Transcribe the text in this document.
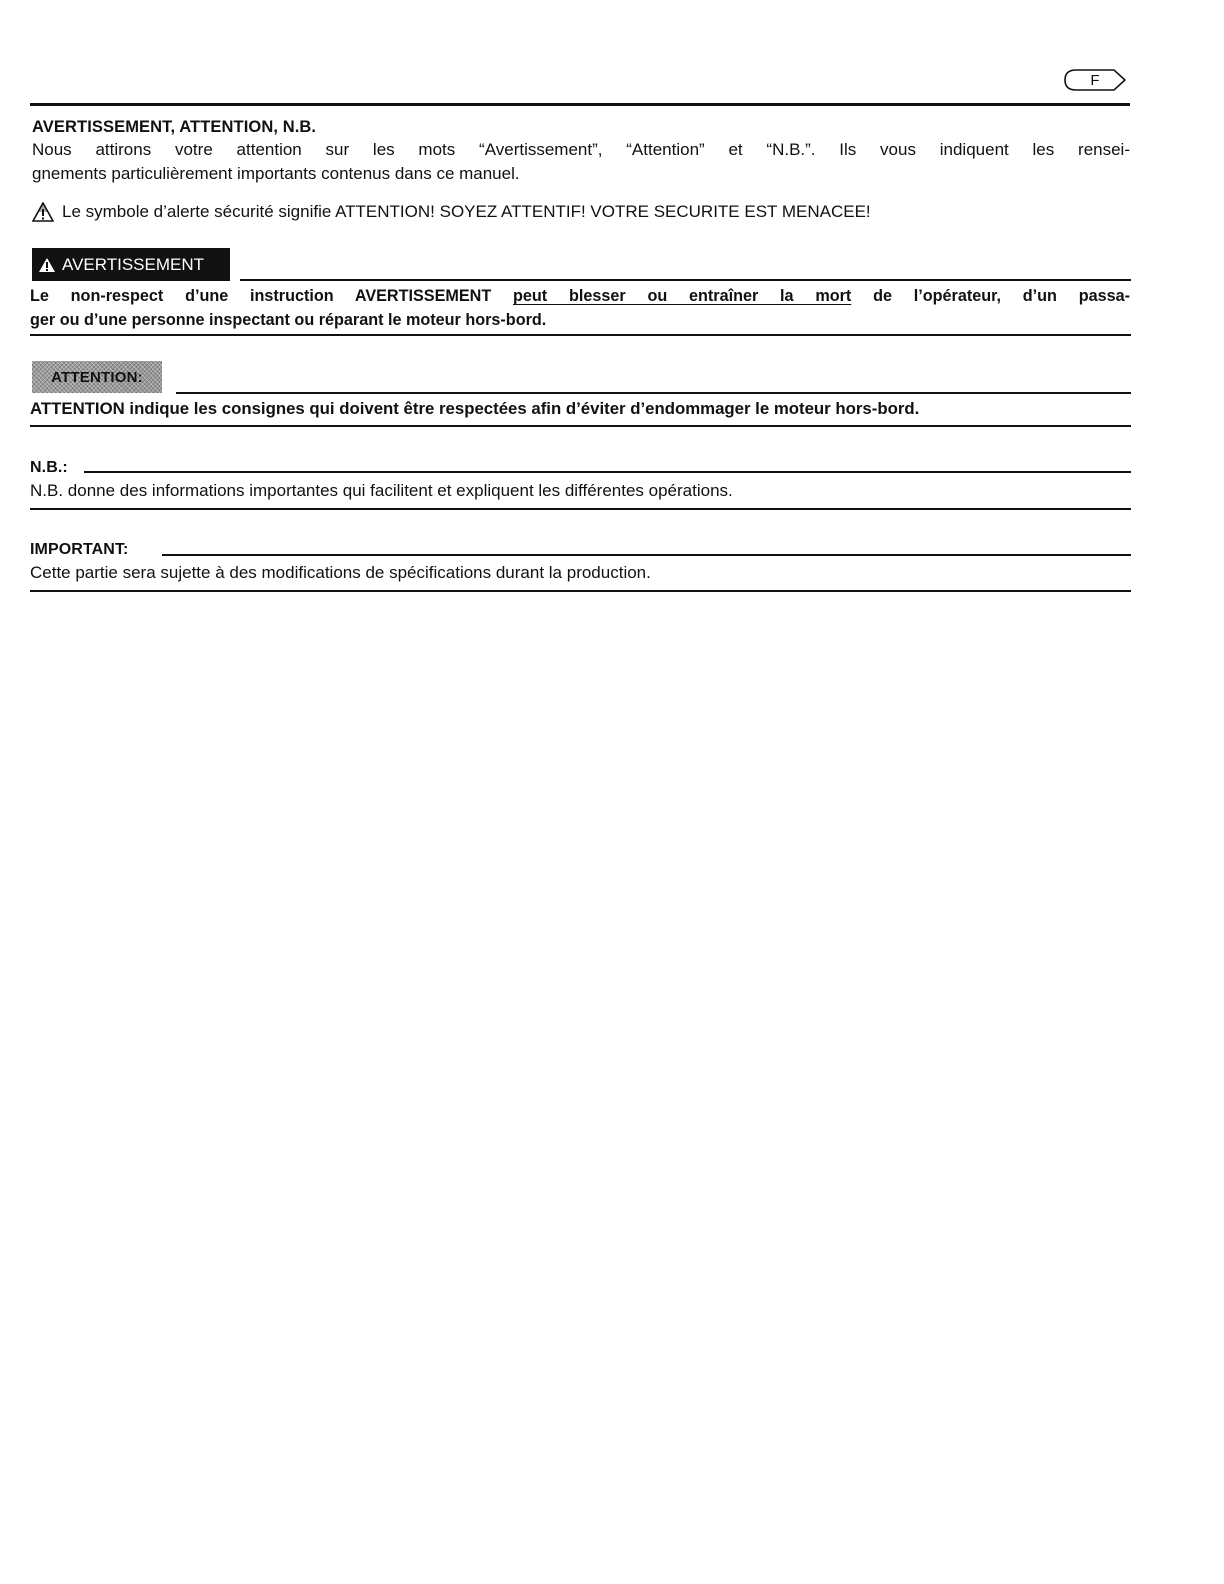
F
AVERTISSEMENT, ATTENTION, N.B.
Nous attirons votre attention sur les mots “Avertissement”, “Attention” et “N.B.”. Ils vous indiquent les rensei-
gnements particulièrement importants contenus dans ce manuel.
Le symbole d’alerte sécurité signifie ATTENTION! SOYEZ ATTENTIF! VOTRE SECURITE EST MENACEE!
AVERTISSEMENT
Le non-respect d’une instruction AVERTISSEMENT peut blesser ou entraîner la mort de l’opérateur, d’un passa-
ger ou d’une personne inspectant ou réparant le moteur hors-bord.
ATTENTION:
ATTENTION indique les consignes qui doivent être respectées afin d’éviter d’endommager le moteur hors-bord.
N.B.:
N.B. donne des informations importantes qui facilitent et expliquent les différentes opérations.
IMPORTANT:
Cette partie sera sujette à des modifications de spécifications durant la production.
